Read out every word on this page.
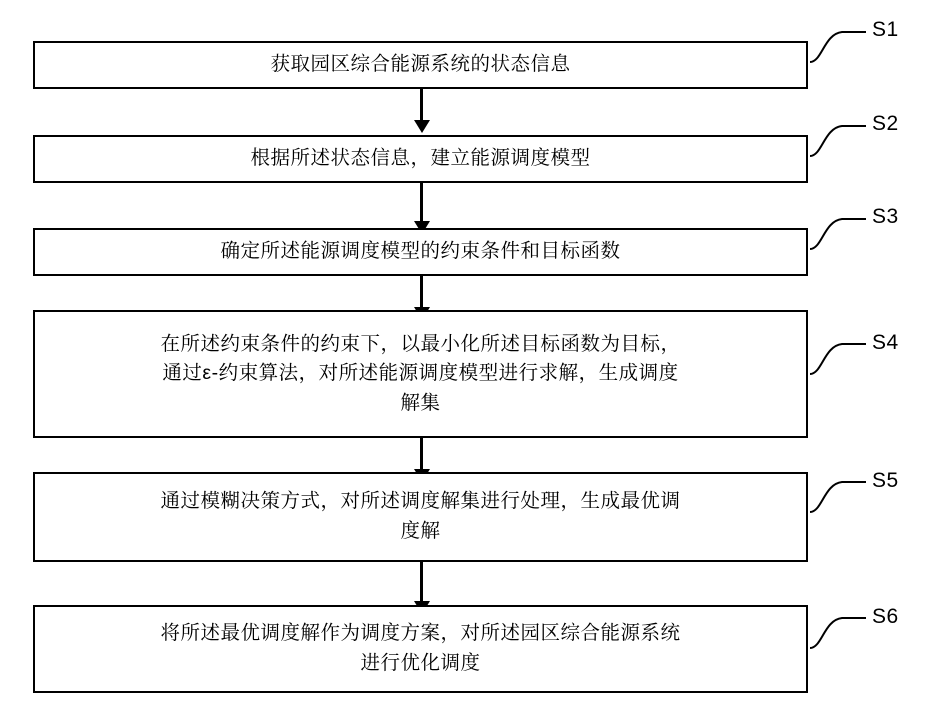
获取园区综合能源系统的状态信息
S1
根据所述状态信息，建立能源调度模型
S2
确定所述能源调度模型的约束条件和目标函数
S3
在所述约束条件的约束下，以最小化所述目标函数为目标，
通过ε-约束算法，对所述能源调度模型进行求解，生成调度
解集
S4
通过模糊决策方式，对所述调度解集进行处理，生成最优调
度解
S5
将所述最优调度解作为调度方案，对所述园区综合能源系统
进行优化调度
S6
